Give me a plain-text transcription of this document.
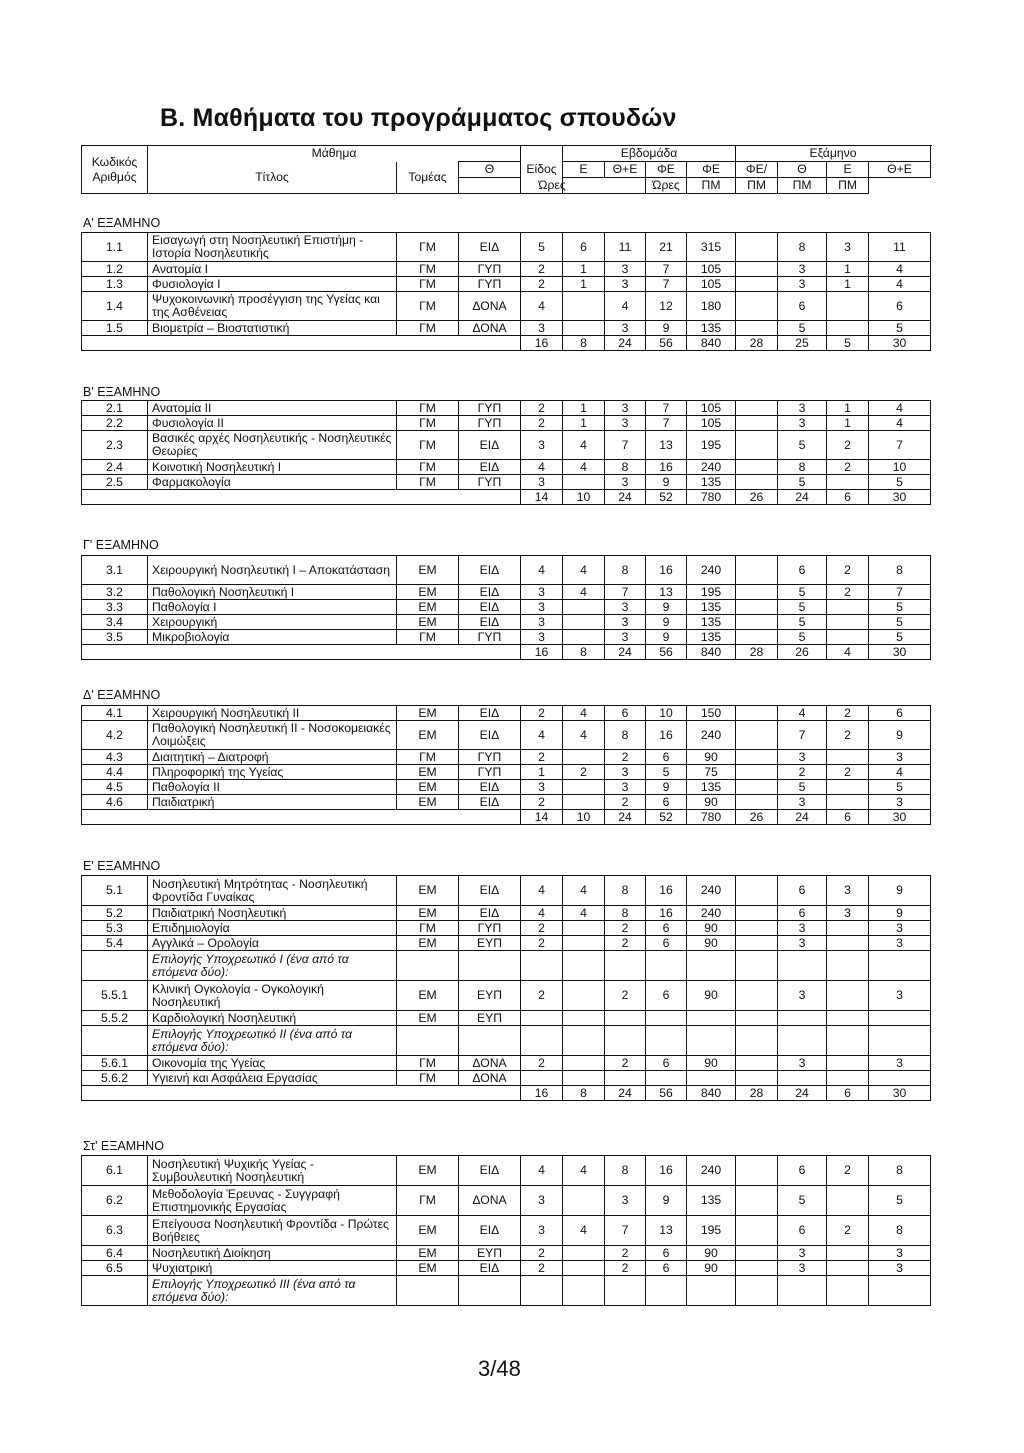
Β. Μαθήματα του προγράμματος σπουδών
Κωδικός
Αριθμός	Μάθημα			Είδος	Εβδομάδα				Εξάμηνο			
	Τίτλος	Τομέας	Θ		Ε	Θ+Ε	ΦΕ	ΦΕ	ΦΕ/	Θ	Ε	Θ+Ε
			Ώρες				Ώρες	ΠΜ	ΠΜ	ΠΜ	ΠΜ	
Α' ΕΞΑΜΗΝΟ
1.1	Εισαγωγή στη Νοσηλευτική Επιστήμη - Ιστορία Νοσηλευτικής	ΓΜ	ΕΙΔ	5	6	11	21	315		8	3	11
1.2	Ανατομία Ι	ΓΜ	ΓΥΠ	2	1	3	7	105		3	1	4
1.3	Φυσιολογία Ι	ΓΜ	ΓΥΠ	2	1	3	7	105		3	1	4
1.4	Ψυχοκοινωνική προσέγγιση της Υγείας και της Ασθένειας	ΓΜ	ΔΟΝΑ	4		4	12	180		6		6
1.5	Βιομετρία – Βιοστατιστική	ΓΜ	ΔΟΝΑ	3		3	9	135		5		5
				16	8	24	56	840	28	25	5	30
Β' ΕΞΑΜΗΝΟ
2.1	Ανατομία ΙΙ	ΓΜ	ΓΥΠ	2	1	3	7	105		3	1	4
2.2	Φυσιολογία ΙΙ	ΓΜ	ΓΥΠ	2	1	3	7	105		3	1	4
2.3	Βασικές αρχές Νοσηλευτικής - Νοσηλευτικές Θεωρίες	ΓΜ	ΕΙΔ	3	4	7	13	195		5	2	7
2.4	Κοινοτική Νοσηλευτική Ι	ΓΜ	ΕΙΔ	4	4	8	16	240		8	2	10
2.5	Φαρμακολογία	ΓΜ	ΓΥΠ	3		3	9	135		5		5
				14	10	24	52	780	26	24	6	30
Γ' ΕΞΑΜΗΝΟ
3.1	Χειρουργική Νοσηλευτική Ι – Αποκατάσταση	ΕΜ	ΕΙΔ	4	4	8	16	240		6	2	8
3.2	Παθολογική Νοσηλευτική Ι	ΕΜ	ΕΙΔ	3	4	7	13	195		5	2	7
3.3	Παθολογία Ι	ΕΜ	ΕΙΔ	3		3	9	135		5		5
3.4	Χειρουργική	ΕΜ	ΕΙΔ	3		3	9	135		5		5
3.5	Μικροβιολογία	ΓΜ	ΓΥΠ	3		3	9	135		5		5
				16	8	24	56	840	28	26	4	30
Δ' ΕΞΑΜΗΝΟ
4.1	Χειρουργική Νοσηλευτική ΙΙ	ΕΜ	ΕΙΔ	2	4	6	10	150		4	2	6
4.2	Παθολογική Νοσηλευτική ΙΙ - Νοσοκομειακές Λοιμώξεις	ΕΜ	ΕΙΔ	4	4	8	16	240		7	2	9
4.3	Διαιτητική – Διατροφή	ΓΜ	ΓΥΠ	2		2	6	90		3		3
4.4	Πληροφορική της Υγείας	ΕΜ	ΓΥΠ	1	2	3	5	75		2	2	4
4.5	Παθολογία ΙΙ	ΕΜ	ΕΙΔ	3		3	9	135		5		5
4.6	Παιδιατρική	ΕΜ	ΕΙΔ	2		2	6	90		3		3
				14	10	24	52	780	26	24	6	30
Ε' ΕΞΑΜΗΝΟ
5.1	Νοσηλευτική Μητρότητας - Νοσηλευτική Φροντίδα Γυναίκας	ΕΜ	ΕΙΔ	4	4	8	16	240		6	3	9
5.2	Παιδιατρική Νοσηλευτική	ΕΜ	ΕΙΔ	4	4	8	16	240		6	3	9
5.3	Επιδημιολογία	ΓΜ	ΓΥΠ	2		2	6	90		3		3
5.4	Αγγλικά – Ορολογία	ΕΜ	ΕΥΠ	2		2	6	90		3		3
	Επιλογής Υποχρεωτικό Ι (ένα από τα επόμενα δύο):											
5.5.1	Κλινική Ογκολογία - Ογκολογική Νοσηλευτική	ΕΜ	ΕΥΠ	2		2	6	90		3		3
5.5.2	Καρδιολογική Νοσηλευτική	ΕΜ	ΕΥΠ									
	Επιλογής Υποχρεωτικό ΙΙ (ένα από τα επόμενα δύο):											
5.6.1	Οικονομία της Υγείας	ΓΜ	ΔΟΝΑ	2		2	6	90		3		3
5.6.2	Υγιεινή και Ασφάλεια Εργασίας	ΓΜ	ΔΟΝΑ									
				16	8	24	56	840	28	24	6	30
Στ' ΕΞΑΜΗΝΟ
6.1	Νοσηλευτική Ψυχικής Υγείας - Συμβουλευτική Νοσηλευτική	ΕΜ	ΕΙΔ	4	4	8	16	240		6	2	8
6.2	Μεθοδολογία Έρευνας - Συγγραφή Επιστημονικής Εργασίας	ΓΜ	ΔΟΝΑ	3		3	9	135		5		5
6.3	Επείγουσα Νοσηλευτική Φροντίδα - Πρώτες Βοήθειες	ΕΜ	ΕΙΔ	3	4	7	13	195		6	2	8
6.4	Νοσηλευτική Διοίκηση	ΕΜ	ΕΥΠ	2		2	6	90		3		3
6.5	Ψυχιατρική	ΕΜ	ΕΙΔ	2		2	6	90		3		3
	Επιλογής Υποχρεωτικό ΙΙΙ (ένα από τα επόμενα δύο):											
3/48
